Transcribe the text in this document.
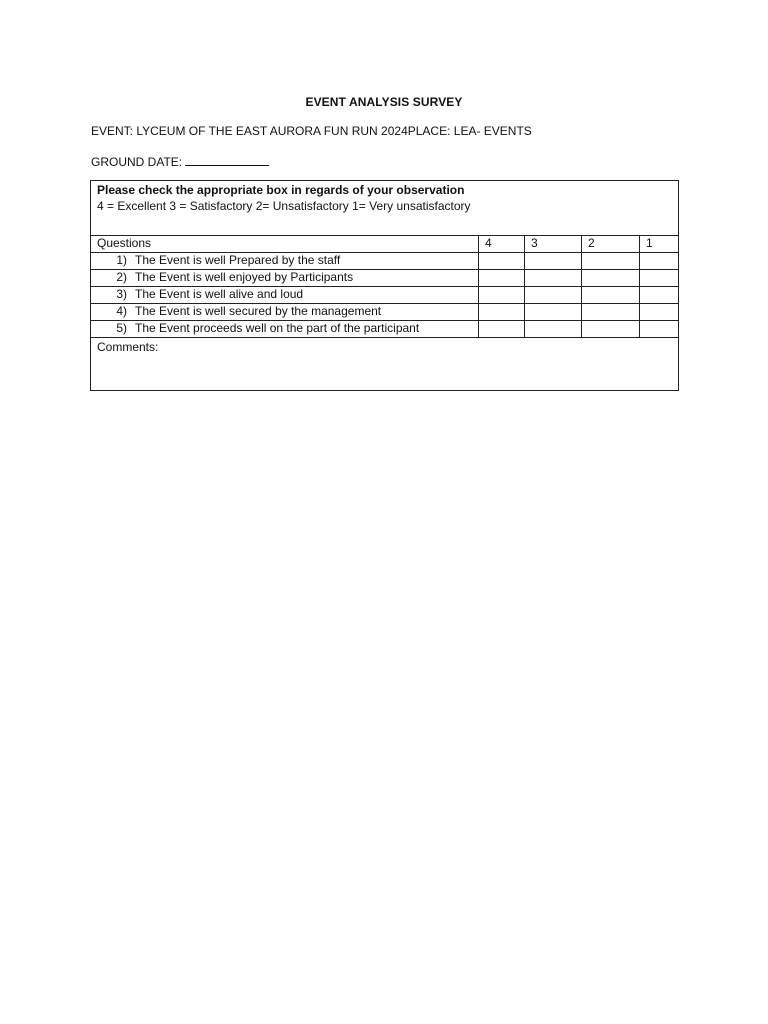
EVENT ANALYSIS SURVEY
EVENT: LYCEUM OF THE EAST AURORA FUN RUN 2024PLACE: LEA- EVENTS
GROUND DATE:
Please check the appropriate box in regards of your observation
4 = Excellent 3 = Satisfactory 2= Unsatisfactory 1= Very unsatisfactory				

Questions	4	3	2	1
1) The Event is well Prepared by the staff				
2) The Event is well enjoyed by Participants				
3) The Event is well alive and loud				
4) The Event is well secured by the management				
5) The Event proceeds well on the part of the participant				
Comments:				
